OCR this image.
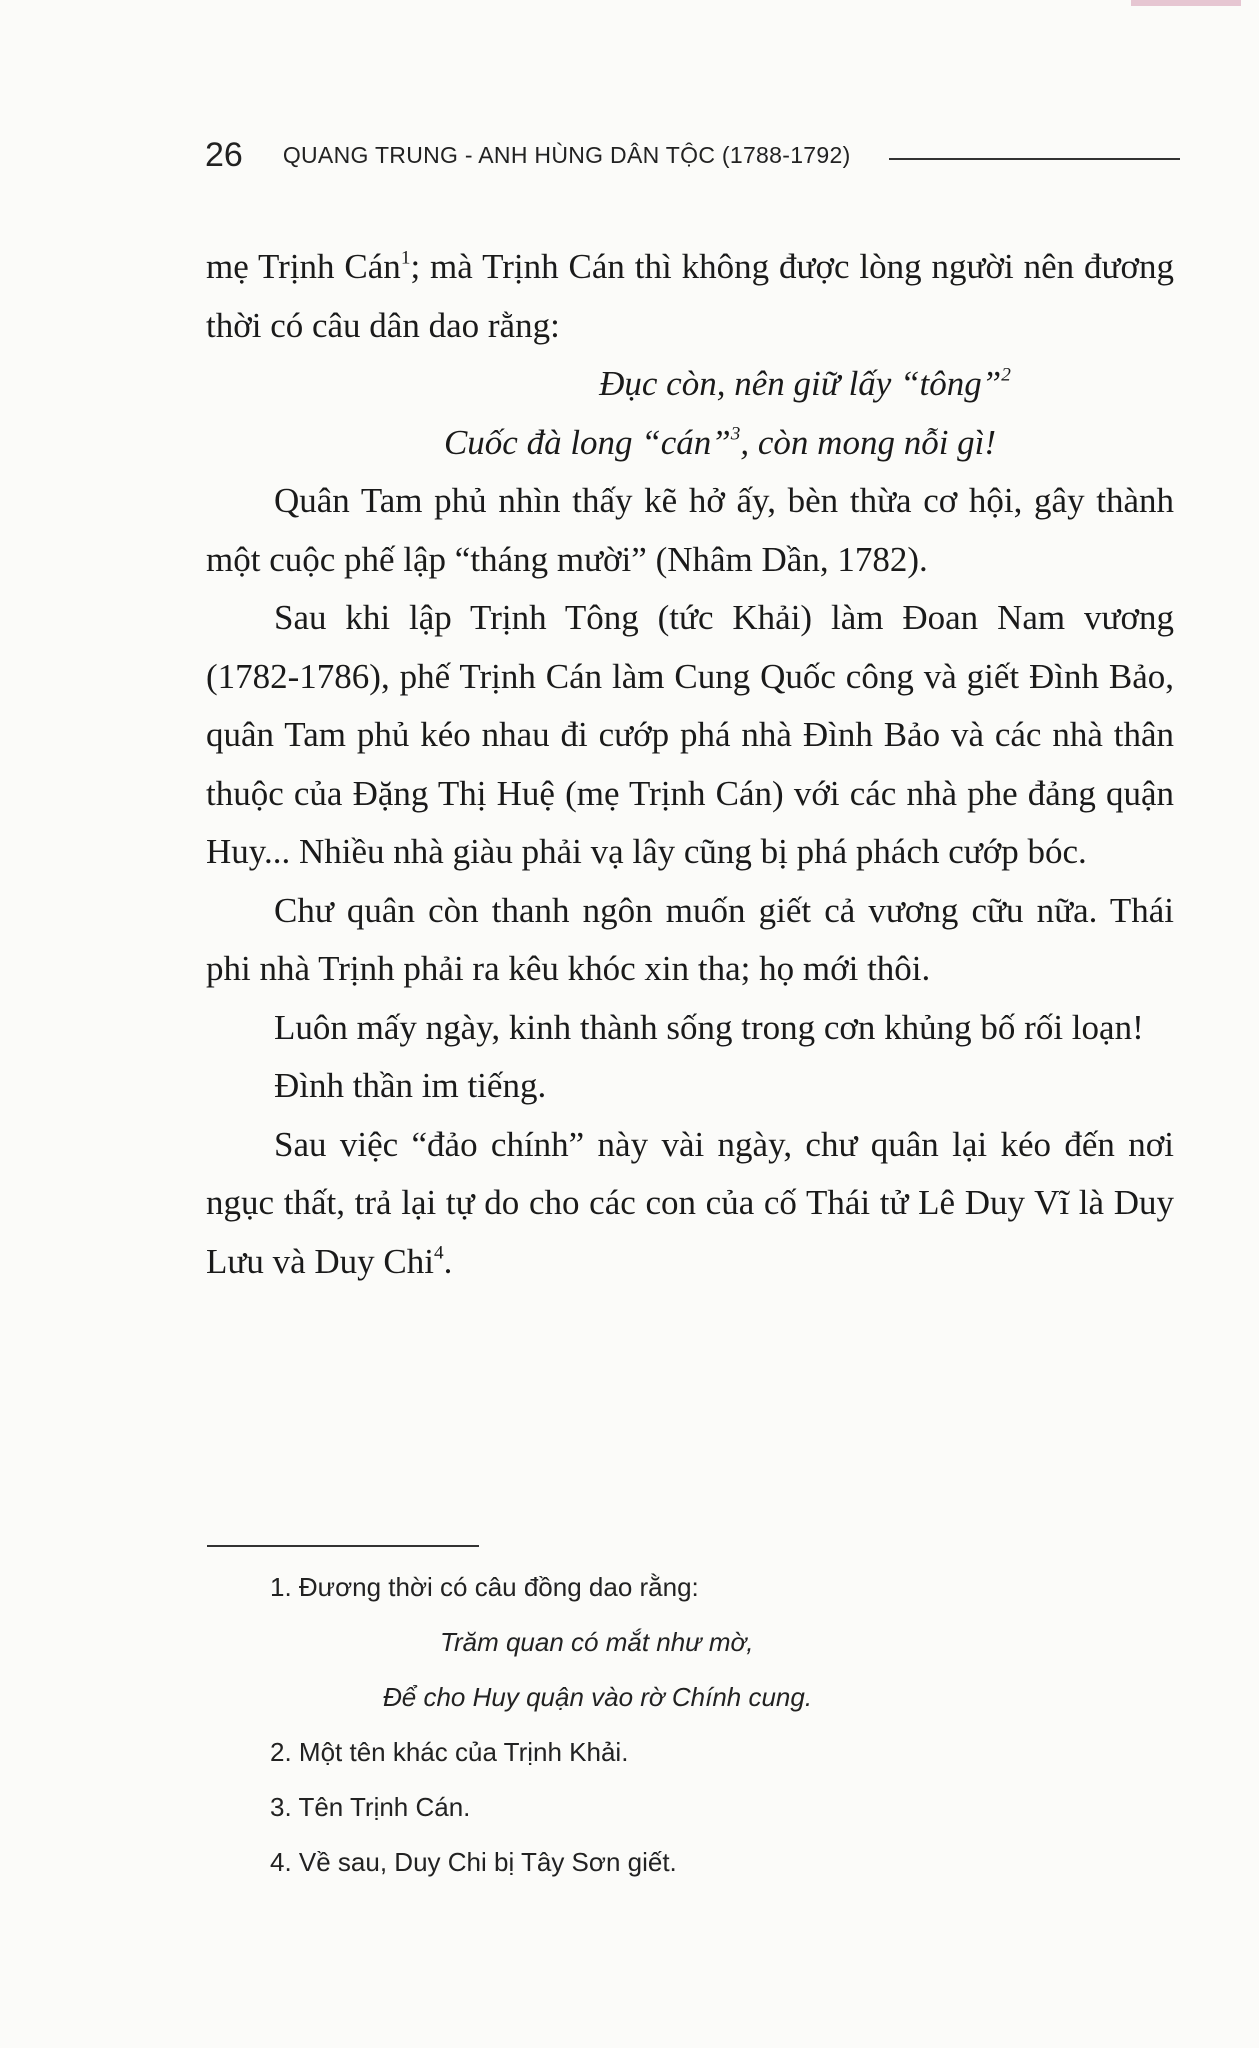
26 QUANG TRUNG - ANH HÙNG DÂN TỘC (1788-1792)

mẹ Trịnh Cán$^1$; mà Trịnh Cán thì không được lòng người nên đương thời có câu dân dao rằng:

Đục còn, nên giữ lấy “tông”$^2$

Cuốc đà long “cán”$^3$, còn mong nỗi gì!

Quân Tam phủ nhìn thấy kẽ hở ấy, bèn thừa cơ hội, gây thành một cuộc phế lập “tháng mười” (Nhâm Dần, 1782).

Sau khi lập Trịnh Tông (tức Khải) làm Đoan Nam vương (1782-1786), phế Trịnh Cán làm Cung Quốc công và giết Đình Bảo, quân Tam phủ kéo nhau đi cướp phá nhà Đình Bảo và các nhà thân thuộc của Đặng Thị Huệ (mẹ Trịnh Cán) với các nhà phe đảng quận Huy... Nhiều nhà giàu phải vạ lây cũng bị phá phách cướp bóc.

Chư quân còn thanh ngôn muốn giết cả vương cữu nữa. Thái phi nhà Trịnh phải ra kêu khóc xin tha; họ mới thôi.

Luôn mấy ngày, kinh thành sống trong cơn khủng bố rối loạn!

Đình thần im tiếng.

Sau việc “đảo chính” này vài ngày, chư quân lại kéo đến nơi ngục thất, trả lại tự do cho các con của cố Thái tử Lê Duy Vĩ là Duy Lưu và Duy Chi$^4$.

1. Đương thời có câu đồng dao rằng:

Trăm quan có mắt như mờ,

Để cho Huy quận vào rờ Chính cung.

2. Một tên khác của Trịnh Khải.

3. Tên Trịnh Cán.

4. Về sau, Duy Chi bị Tây Sơn giết.
